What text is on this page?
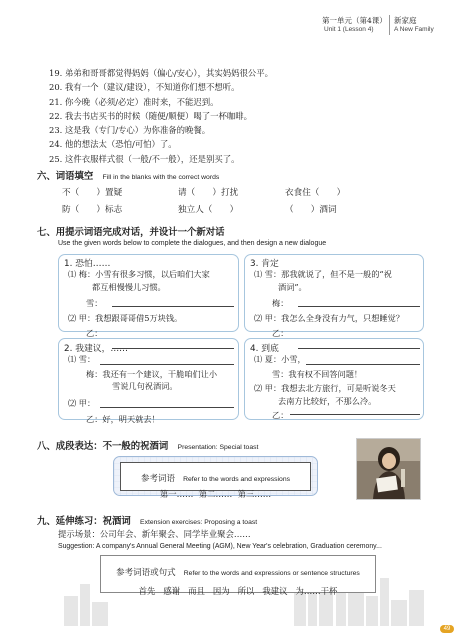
第一单元（第4课） 新家庭
Unit 1 (Lesson 4)	A New Family
19. 弟弟和哥哥都觉得妈妈（偏心/安心），其实妈妈很公平。
20. 我有一个（建议/建设），不知道你们想不想听。
21. 你今晚（必须/必定）准时来，不能迟到。
22. 我去书店买书的时候（随便/顺便）喝了一杯咖啡。
23. 这是我（专门/专心）为你准备的晚餐。
24. 他的想法太（恐怕/可怕）了。
25. 这件衣服样式很（一般/不一般），还是别买了。
六、词语填空 Fill in the blanks with the correct words
不（　　）置疑	请（　　）打扰	衣食住（　　）
防（　　）标志	独立人（　　）	（　　）酒词
七、用提示词语完成对话，并设计一个新对话
Use the given words below to complete the dialogues, and then design a new dialogue
1. 恐怕……
⑴ 梅：小雪有很多习惯，以后咱们大家
都互相慢慢儿习惯。
雪：
⑵ 甲：我想跟哥哥借5万块钱。
乙：
3. 肯定
⑴ 雪：那我就说了，但不是一般的“祝
酒词”。
梅：
⑵ 甲：我怎么全身没有力气，只想睡觉？
乙：
2. 我建议，……
⑴ 雪：
梅：我还有一个建议，干脆咱们让小
雪说几句祝酒词。
⑵ 甲：
乙：好，明天就去！
4. 到底
⑴ 夏：小雪，
雪：我有权不回答问题！
⑵ 甲：我想去北方旅行，可是听说冬天
去南方比较好，不那么冷。
乙：
八、成段表达：不一般的祝酒词 Presentation: Special toast
参考词语 Refer to the words and expressions
第一……  第二……  第三……
九、延伸练习：祝酒词 Extension exercises: Proposing a toast
提示场景：公司年会、新年聚会、同学毕业聚会……
Suggestion: A company's Annual General Meeting (AGM), New Year's celebration, Graduation ceremony...
参考词语或句式 Refer to the words and expressions or sentence structures
首先   感谢   而且   因为   所以   我建议   为……干杯
49
